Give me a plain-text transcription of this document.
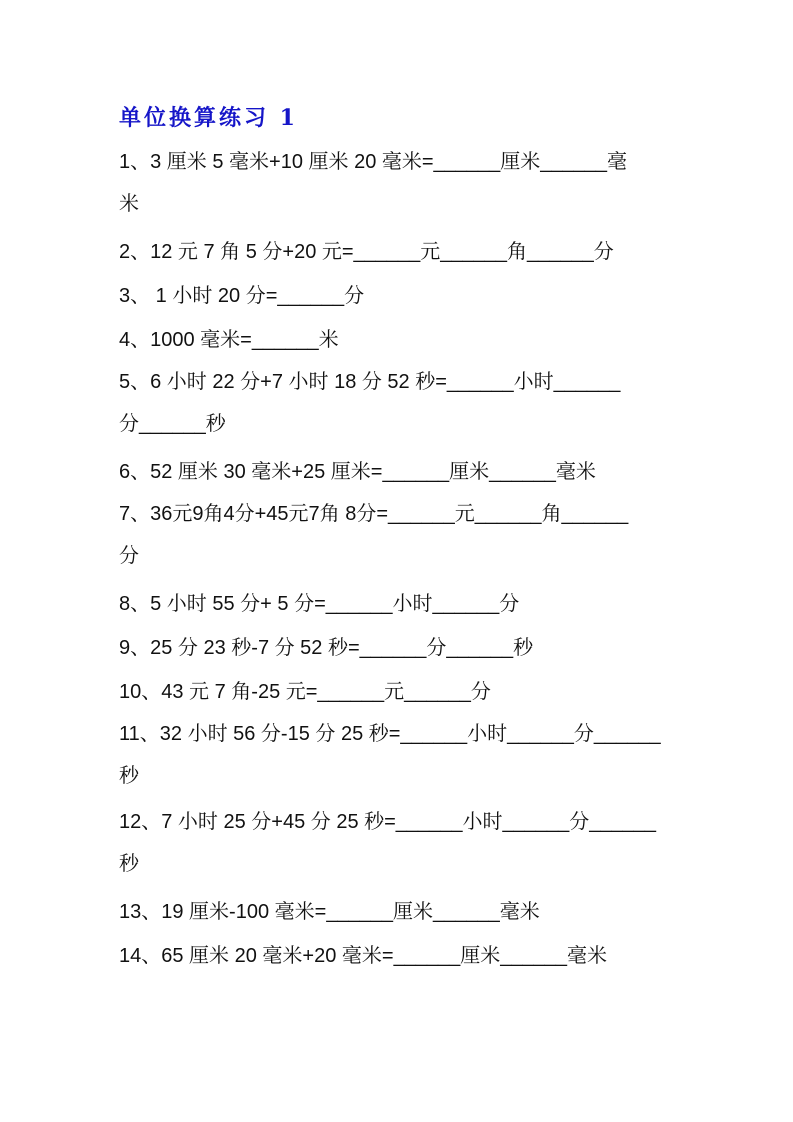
单位换算练习 1
1、3 厘米 5 毫米+10 厘米 20 毫米=______厘米______毫
米
2、12 元 7 角 5 分+20 元=______元______角______分
3、 1 小时 20 分=______分
4、1000 毫米=______米
5、6 小时 22 分+7 小时 18 分 52 秒=______小时______
分______秒
6、52 厘米 30 毫米+25 厘米=______厘米______毫米
7、36元9角4分+45元7角 8分=______元______角______
分
8、5 小时 55 分+ 5 分=______小时______分
9、25 分 23 秒-7 分 52 秒=______分______秒
10、43 元 7 角-25 元=______元______分
11、32 小时 56 分-15 分 25 秒=______小时______分______
秒
12、7 小时 25 分+45 分 25 秒=______小时______分______
秒
13、19 厘米-100 毫米=______厘米______毫米
14、65 厘米 20 毫米+20 毫米=______厘米______毫米
